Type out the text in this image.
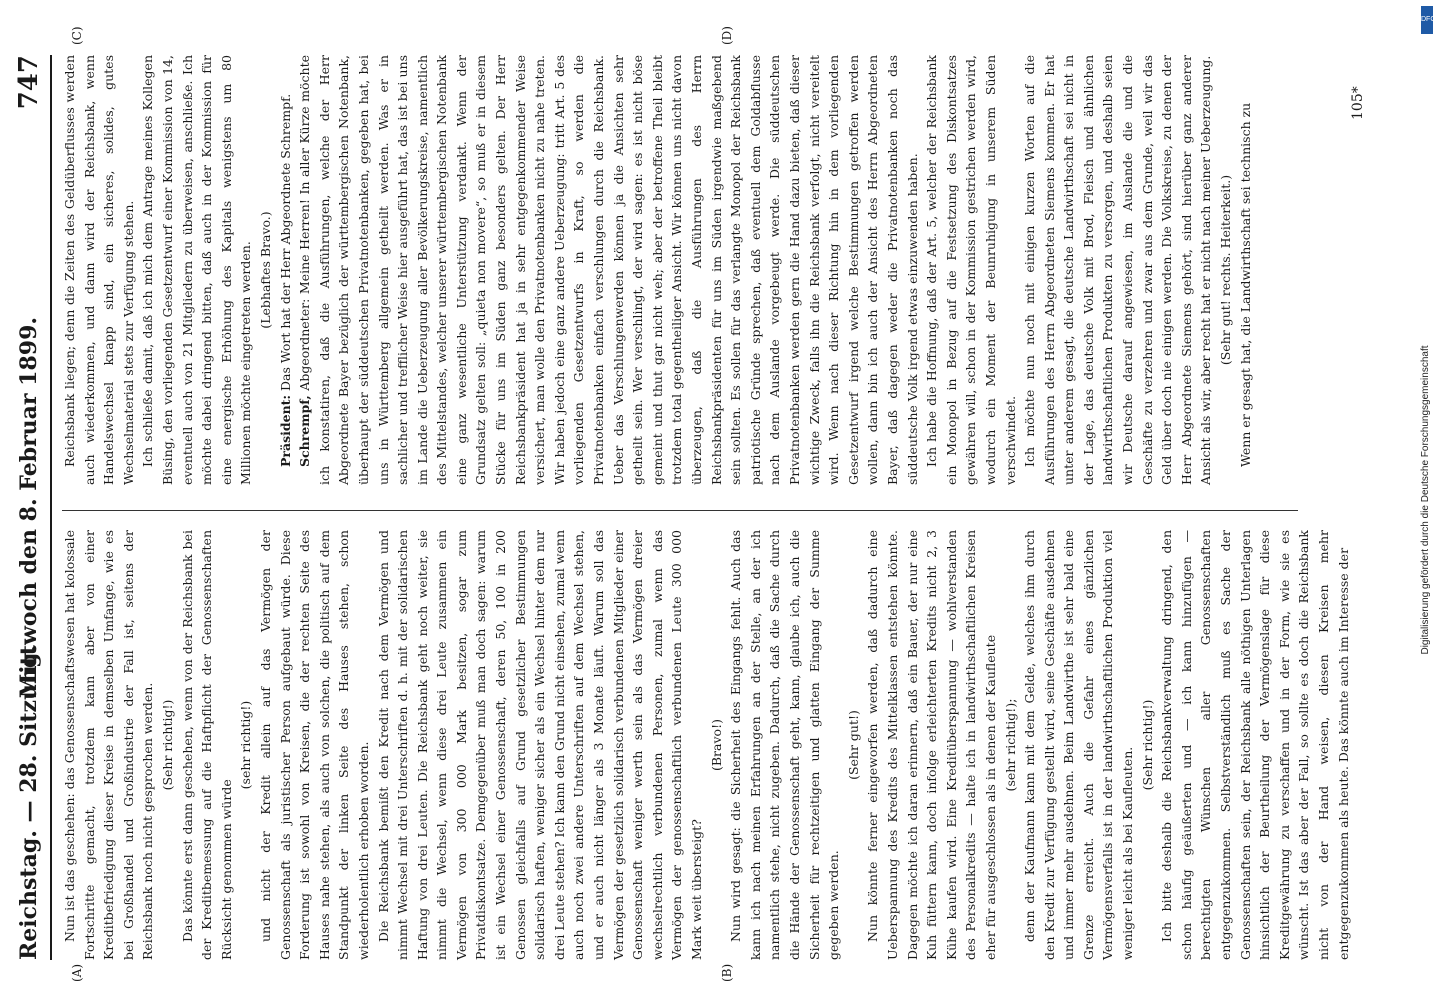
Reichstag. — 28. Sitzung.
Mittwoch den 8. Februar 1899.
747
(A)	(B)
(C)	(D)

Nun ist das geschehen: das Genossenschaftswesen hat kolossale Fortschritte gemacht, trotzdem kann aber von einer Kreditbefriedigung dieser Kreise in demselben Umfange, wie es bei Großhandel und Großindustrie der Fall ist, seitens der Reichsbank noch nicht gesprochen werden. (Sehr richtig!) Das könnte erst dann geschehen, wenn von der Reichsbank bei der Kreditbemessung auf die Haftpflicht der Genossenschaften Rücksicht genommen würde

(sehr richtig!) und nicht der Kredit allein auf das Vermögen der Genossenschaft als juristischer Person aufgebaut würde. Diese Forderung ist sowohl von Kreisen, die der rechten Seite des Hauses nahe stehen, als auch von solchen, die politisch auf dem Standpunkt der linken Seite des Hauses stehen, schon wiederholentlich erhoben worden. Die Reichsbank bemißt den Kredit nach dem Vermögen und nimmt Wechsel mit drei Unterschriften d. h. mit der solidarischen Haftung von drei Leuten. Die Reichsbank geht noch weiter, sie nimmt die Wechsel, wenn diese drei Leute zusammen ein Vermögen von 300 000 Mark besitzen, sogar zum Privatdiskontsatze. Demgegenüber muß man doch sagen: warum ist ein Wechsel einer Genossenschaft, deren 50, 100 in 200 Genossen gleichfalls auf Grund gesetzlicher Bestimmungen solidarisch haften, weniger sicher als ein Wechsel hinter dem nur drei Leute stehen? Ich kann den Grund nicht einsehen, zumal wenn auch noch zwei andere Unterschriften auf dem Wechsel stehen, und er auch nicht länger als 3 Monate läuft. Warum soll das Vermögen der gesetzlich solidarisch verbundenen Mitglieder einer Genossenschaft weniger werth sein als das Vermögen dreier wechselrechtlich verbundenen Personen, zumal wenn das Vermögen der genossenschaftlich verbundenen Leute 300 000 Mark weit übersteigt?

(Bravo!) Nun wird gesagt: die Sicherheit des Eingangs fehlt. Auch das kann ich nach meinen Erfahrungen an der Stelle, an der ich namentlich stehe, nicht zugeben. Dadurch, daß die Sache durch die Hände der Genossenschaft geht, kann, glaube ich, auch die Sicherheit für rechtzeitigen und glatten Eingang der Summe gegeben werden.

(Sehr gut!) Nun könnte ferner eingeworfen werden, daß dadurch eine Ueberspannung des Kredits des Mittelklassen entstehen könnte. Dagegen möchte ich daran erinnern, daß ein Bauer, der nur eine Kuh füttern kann, doch infolge erleichterten Kredits nicht 2, 3 Kühe kaufen wird. Eine Kreditüberspannung — wohlverstanden des Personalkredits — halte ich in landwirthschaftlichen Kreisen eher für ausgeschlossen als in denen der Kaufleute (sehr richtig!); denn der Kaufmann kann mit dem Gelde, welches ihm durch den Kredit zur Verfügung gestellt wird, seine Geschäfte ausdehnen und immer mehr ausdehnen. Beim Landwirthe ist sehr bald eine Grenze erreicht. Auch die Gefahr eines gänzlichen Vermögensverfalls ist in der landwirthschaftlichen Produktion viel weniger leicht als bei Kaufleuten.

(Sehr richtig!) Ich bitte deshalb die Reichsbankverwaltung dringend, den schon häufig geäußerten und — ich kann hinzufügen — berechtigten Wünschen aller Genossenschaften entgegenzukommen. Selbstverständlich muß es Sache der Genossenschaften sein, der Reichsbank alle nöthigen Unterlagen hinsichtlich der Beurtheilung der Vermögenslage für diese Kreditgewährung zu verschaffen und in der Form, wie sie es wünscht. Ist das aber der Fall, so sollte es doch die Reichsbank nicht von der Hand weisen, diesen Kreisen mehr entgegenzukommen als heute. Das könnte auch im Interesse der

Reichsbank liegen; denn die Zeiten des Geldüberflusses werden auch wiederkommen, und dann wird der Reichsbank, wenn Handelswechsel knapp sind, ein sicheres, solides, gutes Wechselmaterial stets zur Verfügung stehen. Ich schließe damit, daß ich mich dem Antrage meines Kollegen Büsing, den vorliegenden Gesetzentwurf einer Kommission von 14, eventuell auch von 21 Mitgliedern zu überweisen, anschließe. Ich möchte dabei dringend bitten, daß auch in der Kommission für eine energische Erhöhung des Kapitals wenigstens um 80 Millionen möchte eingetreten werden. (Lebhaftes Bravo.)

Präsident: Das Wort hat der Herr Abgeordnete Schrempf.

Schrempf, Abgeordneter: Meine Herren! In aller Kürze möchte ich konstatiren, daß die Ausführungen, welche der Herr Abgeordnete Bayer bezüglich der württembergischen Notenbank, überhaupt der süddeutschen Privatnotenbanken, gegeben hat, bei uns in Württemberg allgemein getheilt werden. Was er in sachlicher und trefflicher Weise hier ausgeführt hat, das ist bei uns im Lande die Ueberzeugung aller Bevölkerungskreise, namentlich des Mittelstandes, welcher unserer württembergischen Notenbank eine ganz wesentliche Unterstützung verdankt. Wenn der Grundsatz gelten soll: „quieta non movere“, so muß er in diesem Stücke für uns im Süden ganz besonders gelten. Der Herr Reichsbankpräsident hat ja in sehr entgegenkommender Weise versichert, man wolle den Privatnotenbanken nicht zu nahe treten. Wir haben jedoch eine ganz andere Ueberzeugung: tritt Art. 5 des vorliegenden Gesetzentwurfs in Kraft, so werden die Privatnotenbanken einfach verschlungen durch die Reichsbank. Ueber das Verschlungenwerden können ja die Ansichten sehr getheilt sein. Wer verschlingt, der wird sagen: es ist nicht böse gemeint und thut gar nicht weh; aber der betroffene Theil bleibt trotzdem total gegentheiliger Ansicht. Wir können uns nicht davon überzeugen, daß die Ausführungen des Herrn Reichsbankpräsidenten für uns im Süden irgendwie maßgebend sein sollten. Es sollen für das verlangte Monopol der Reichsbank patriotische Gründe sprechen, daß eventuell dem Goldabflusse nach dem Auslande vorgebeugt werde. Die süddeutschen Privatnotenbanken werden gern die Hand dazu bieten, daß dieser wichtige Zweck, falls ihn die Reichsbank verfolgt, nicht vereitelt wird. Wenn nach dieser Richtung hin in dem vorliegenden Gesetzentwurf irgend welche Bestimmungen getroffen werden wollen, dann bin ich auch der Ansicht des Herrn Abgeordneten Bayer, daß dagegen weder die Privatnotenbanken noch das süddeutsche Volk irgend etwas einzuwenden haben. Ich habe die Hoffnung, daß der Art. 5, welcher der Reichsbank ein Monopol in Bezug auf die Festsetzung des Diskontsatzes gewähren will, schon in der Kommission gestrichen werden wird, wodurch ein Moment der Beunruhigung in unserem Süden verschwindet. Ich möchte nun noch mit einigen kurzen Worten auf die Ausführungen des Herrn Abgeordneten Siemens kommen. Er hat unter anderem gesagt, die deutsche Landwirthschaft sei nicht in der Lage, das deutsche Volk mit Brod, Fleisch und ähnlichen landwirthschaftlichen Produkten zu versorgen, und deshalb seien wir Deutsche darauf angewiesen, im Auslande die und die Geschäfte zu verzehren und zwar aus dem Grunde, weil wir das Geld über doch nie einigen werden. Die Volkskreise, zu denen der Herr Abgeordnete Siemens gehört, sind hierüber ganz anderer Ansicht als wir, aber recht hat er nicht nach meiner Ueberzeugung. (Sehr gut! rechts. Heiterkeit.) Wenn er gesagt hat, die Landwirthschaft sei technisch zu	105*
Digitalisierung gefördert durch die Deutsche Forschungsgemeinschaft
DFG
